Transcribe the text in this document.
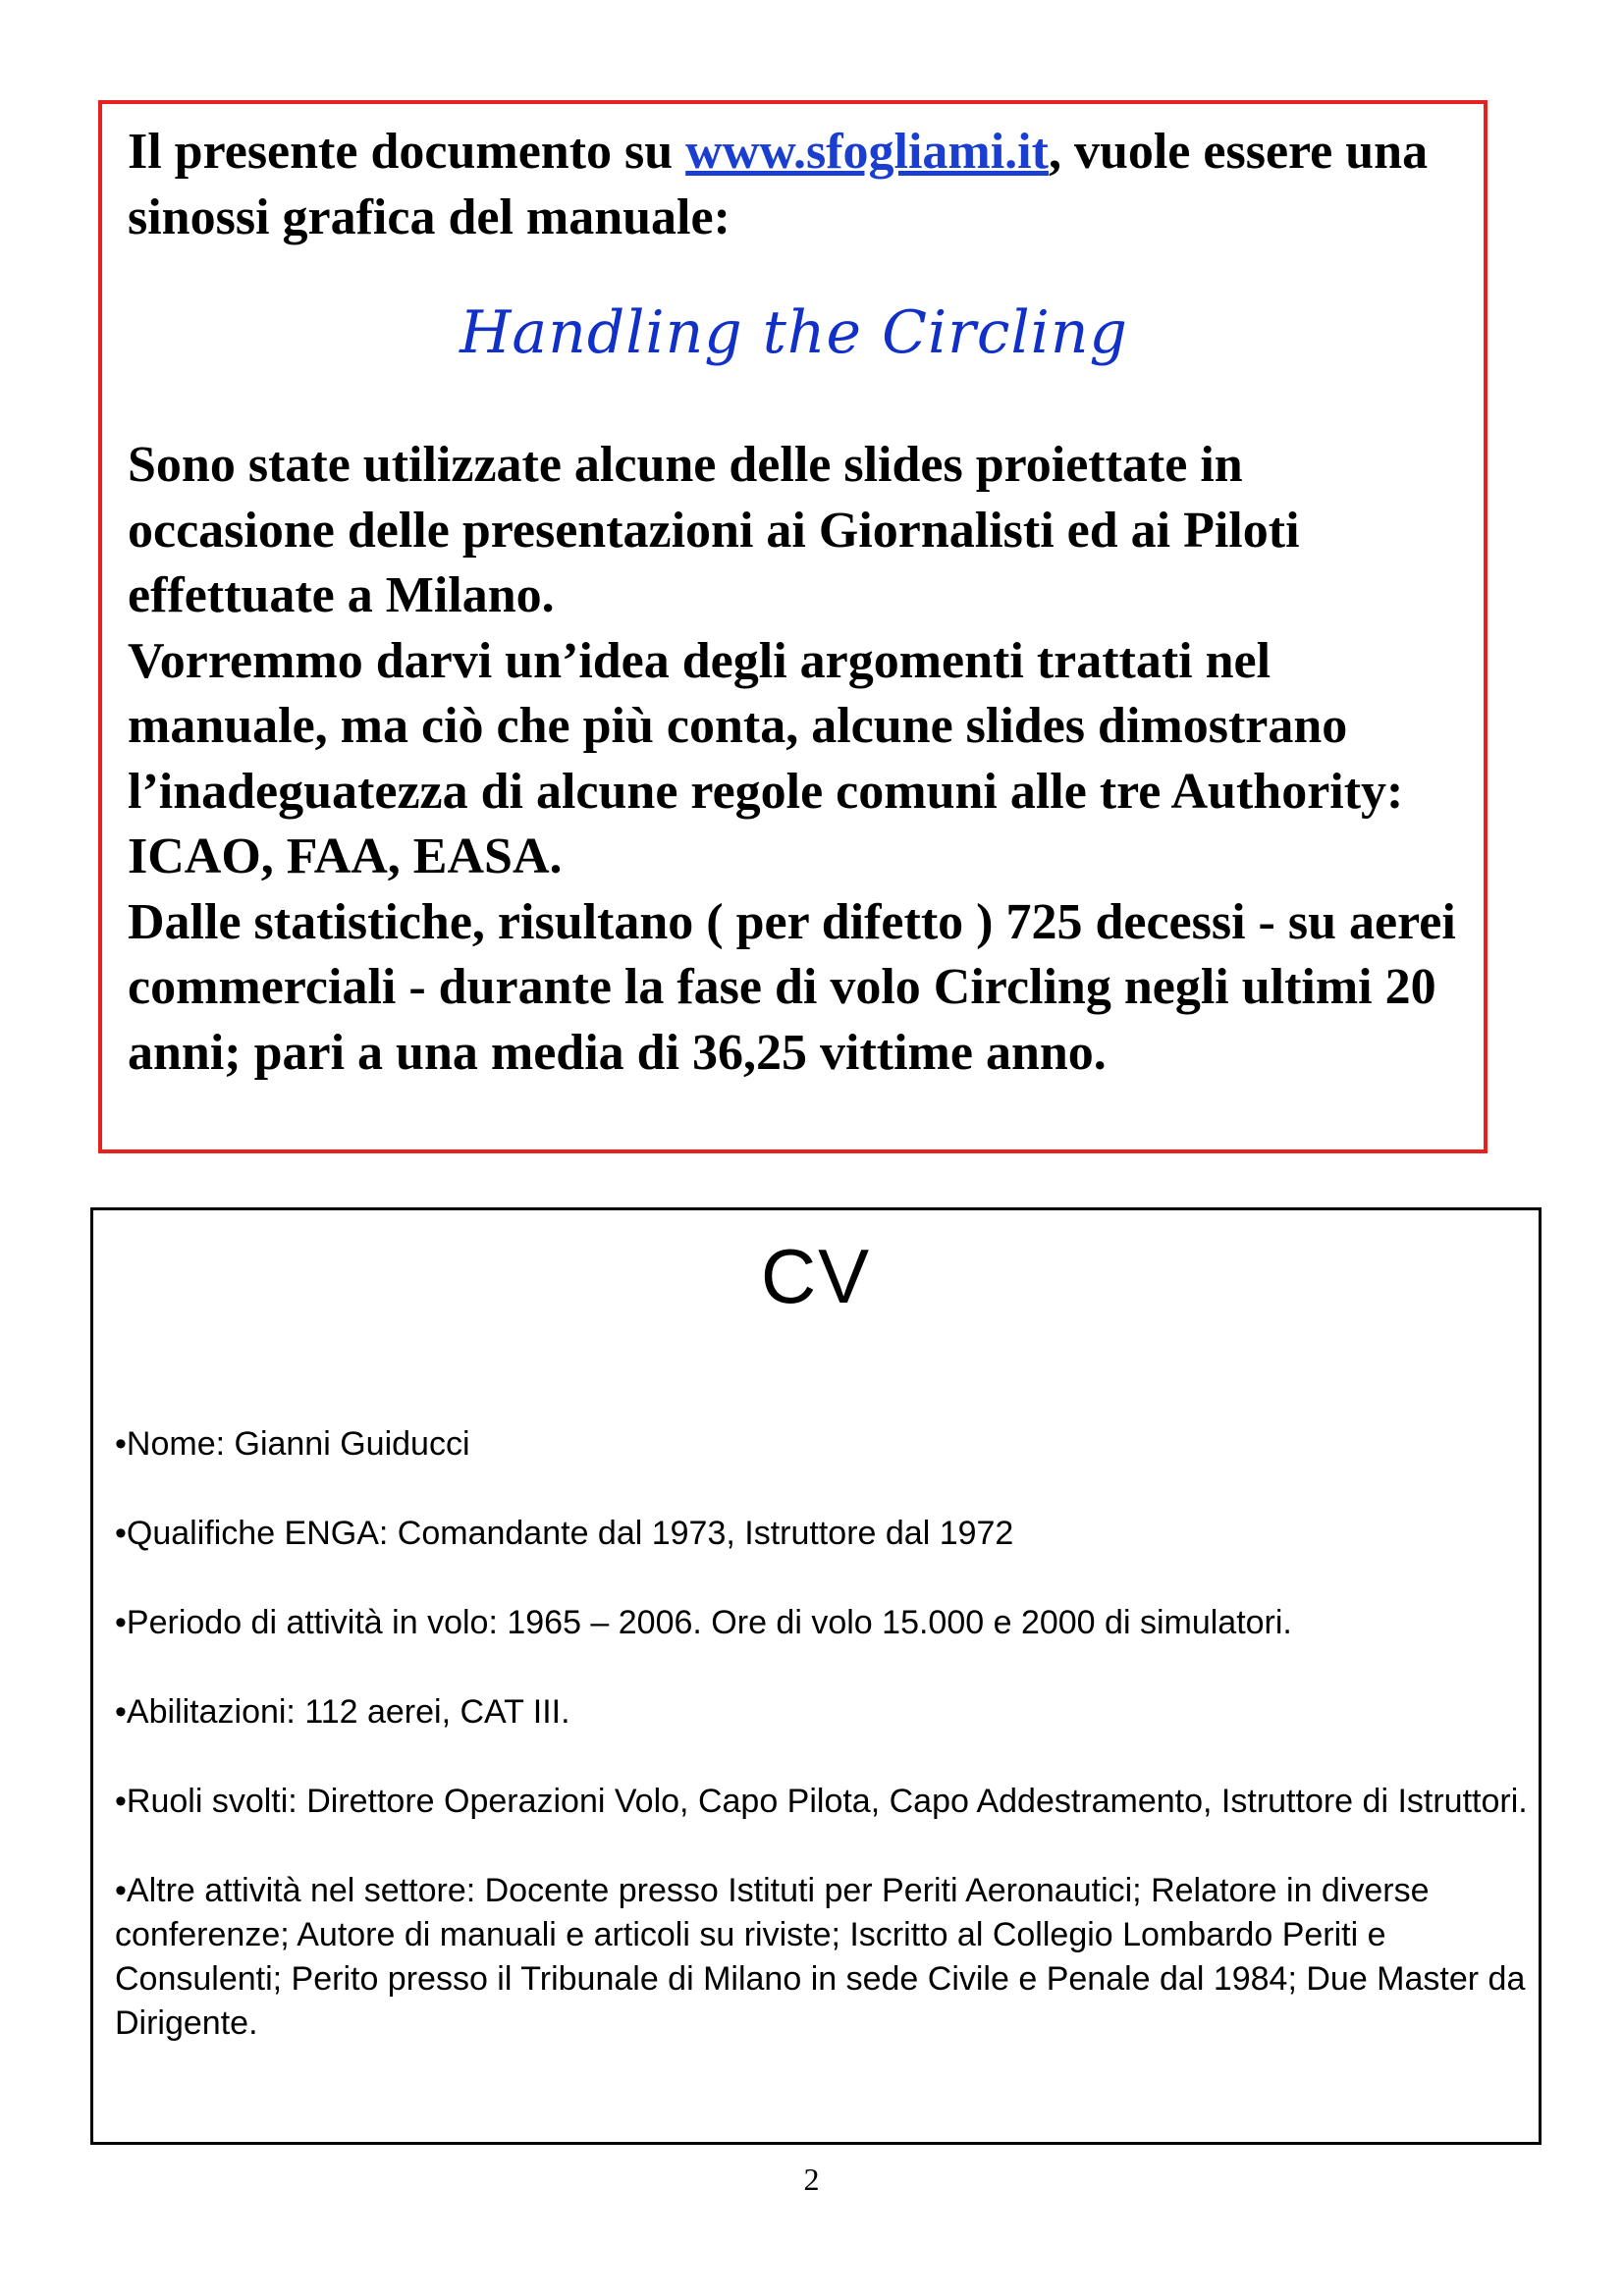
Il presente documento su www.sfogliami.it, vuole essere una sinossi grafica del manuale:

Handling the Circling

Sono state utilizzate alcune delle slides proiettate in occasione delle presentazioni ai Giornalisti ed ai Piloti effettuate a Milano.

Vorremmo darvi un’idea degli argomenti trattati nel manuale, ma ciò che più conta, alcune slides dimostrano l’inadeguatezza di alcune regole comuni alle tre Authority: ICAO, FAA, EASA.

Dalle statistiche, risultano ( per difetto ) 725 decessi - su aerei commerciali - durante la fase di volo Circling negli ultimi 20 anni; pari a una media di 36,25 vittime anno.

CV
• Nome: Gianni Guiducci
• Qualifiche ENGA: Comandante dal 1973, Istruttore dal 1972
• Periodo di attività in volo: 1965 – 2006. Ore di volo 15.000 e 2000 di simulatori.
• Abilitazioni: 112 aerei, CAT III.
• Ruoli svolti: Direttore Operazioni Volo, Capo Pilota, Capo Addestramento, Istruttore di Istruttori.
• Altre attività nel settore: Docente presso Istituti per Periti Aeronautici; Relatore in diverse conferenze; Autore di manuali e articoli su riviste; Iscritto al Collegio Lombardo Periti e Consulenti; Perito presso il Tribunale di Milano in sede Civile e Penale dal 1984; Due Master da Dirigente.
2
